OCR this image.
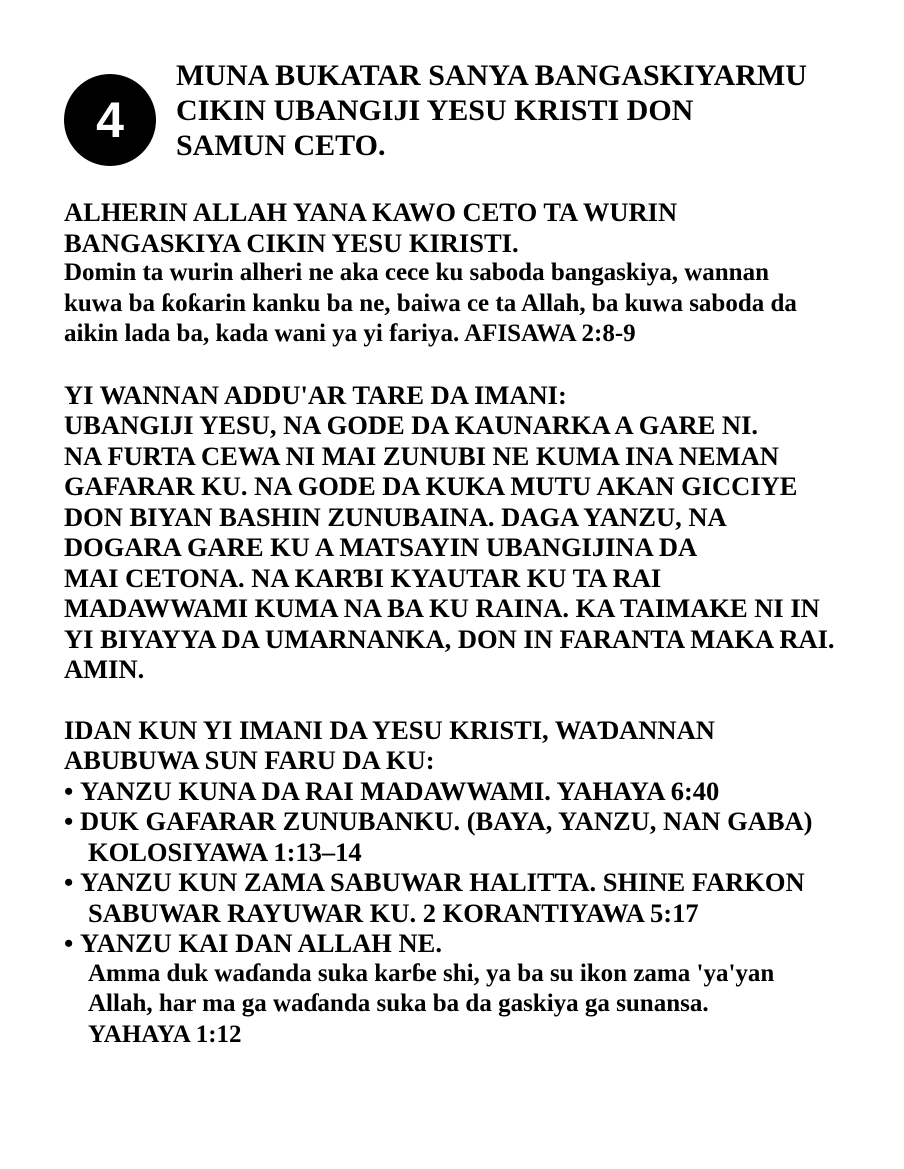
4
MUNA BUKATAR SANYA BANGASKIYARMU
CIKIN UBANGIJI YESU KRISTI DON
SAMUN CETO.

ALHERIN ALLAH YANA KAWO CETO TA WURIN

BANGASKIYA CIKIN YESU KIRISTI.

Domin ta wurin alheri ne aka cece ku saboda bangaskiya, wannan

kuwa ba ƙoƙarin kanku ba ne, baiwa ce ta Allah, ba kuwa saboda da

aikin lada ba, kada wani ya yi fariya. AFISAWA 2:8-9

YI WANNAN ADDU'AR TARE DA IMANI:

UBANGIJI YESU, NA GODE DA KAUNARKA A GARE NI.

NA FURTA CEWA NI MAI ZUNUBI NE KUMA INA NEMAN

GAFARAR KU. NA GODE DA KUKA MUTU AKAN GICCIYE

DON BIYAN BASHIN ZUNUBAINA. DAGA YANZU, NA

DOGARA GARE KU A MATSAYIN UBANGIJINA DA

MAI CETONA. NA KARƁI KYAUTAR KU TA RAI

MADAWWAMI KUMA NA BA KU RAINA. KA TAIMAKE NI IN

YI BIYAYYA DA UMARNANKA, DON IN FARANTA MAKA RAI.

AMIN.

IDAN KUN YI IMANI DA YESU KRISTI, WAƊANNAN

ABUBUWA SUN FARU DA KU:

• YANZU KUNA DA RAI MADAWWAMI. YAHAYA 6:40
• DUK GAFARAR ZUNUBANKU. (BAYA, YANZU, NAN GABA)
KOLOSIYAWA 1:13–14
• YANZU KUN ZAMA SABUWAR HALITTA. SHINE FARKON
SABUWAR RAYUWAR KU. 2 KORANTIYAWA 5:17
• YANZU KAI DAN ALLAH NE.
Amma duk waɗanda suka karɓe shi, ya ba su ikon zama 'ya'yan
Allah, har ma ga waɗanda suka ba da gaskiya ga sunansa.
YAHAYA 1:12
